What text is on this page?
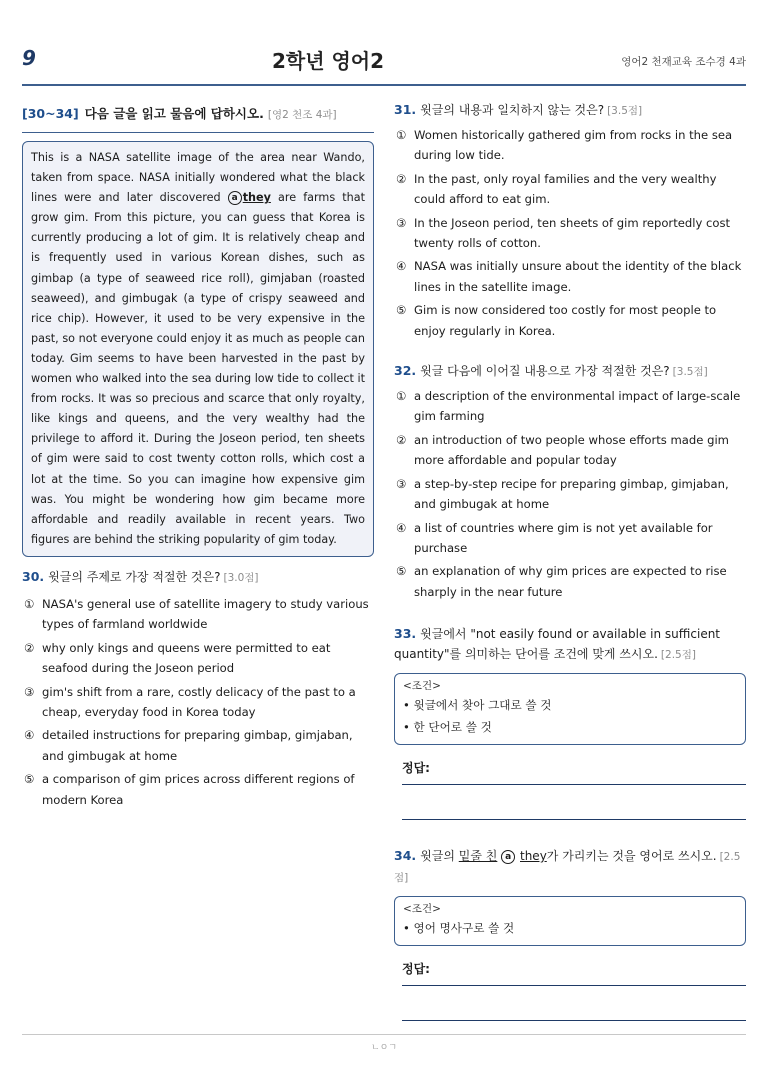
9	2학년 영어2	영어2 천재교육 조수경 4과
[30~34] 다음 글을 읽고 물음에 답하시오. [영2 천조 4과]
This is a NASA satellite image of the area near Wando, taken from space. NASA initially wondered what the black lines were and later discovered a they are farms that grow gim. From this picture, you can guess that Korea is currently producing a lot of gim. It is relatively cheap and is frequently used in various Korean dishes, such as gimbap (a type of seaweed rice roll), gimjaban (roasted seaweed), and gimbugak (a type of crispy seaweed and rice chip). However, it used to be very expensive in the past, so not everyone could enjoy it as much as people can today. Gim seems to have been harvested in the past by women who walked into the sea during low tide to collect it from rocks. It was so precious and scarce that only royalty, like kings and queens, and the very wealthy had the privilege to afford it. During the Joseon period, ten sheets of gim were said to cost twenty cotton rolls, which cost a lot at the time. So you can imagine how expensive gim was. You might be wondering how gim became more affordable and readily available in recent years. Two figures are behind the striking popularity of gim today.
30. 윗글의 주제로 가장 적절한 것은? [3.0점]
① NASA's general use of satellite imagery to study various types of farmland worldwide
② why only kings and queens were permitted to eat seafood during the Joseon period
③ gim's shift from a rare, costly delicacy of the past to a cheap, everyday food in Korea today
④ detailed instructions for preparing gimbap, gimjaban, and gimbugak at home
⑤ a comparison of gim prices across different regions of modern Korea
31. 윗글의 내용과 일치하지 않는 것은? [3.5점]
① Women historically gathered gim from rocks in the sea during low tide.
② In the past, only royal families and the very wealthy could afford to eat gim.
③ In the Joseon period, ten sheets of gim reportedly cost twenty rolls of cotton.
④ NASA was initially unsure about the identity of the black lines in the satellite image.
⑤ Gim is now considered too costly for most people to enjoy regularly in Korea.
32. 윗글 다음에 이어질 내용으로 가장 적절한 것은? [3.5점]
① a description of the environmental impact of large-scale gim farming
② an introduction of two people whose efforts made gim more affordable and popular today
③ a step-by-step recipe for preparing gimbap, gimjaban, and gimbugak at home
④ a list of countries where gim is not yet available for purchase
⑤ an explanation of why gim prices are expected to rise sharply in the near future
33. 윗글에서 "not easily found or available in sufficient quantity"를 의미하는 단어를 조건에 맞게 쓰시오. [2.5점]
<조건>
• 윗글에서 찾아 그대로 쓸 것
• 한 단어로 쓸 것
정답:
34. 윗글의 밑줄 친 a they가 가리키는 것을 영어로 쓰시오. [2.5점]
<조건>
• 영어 명사구로 쓸 것
정답:
ㄴㅇㄱ
